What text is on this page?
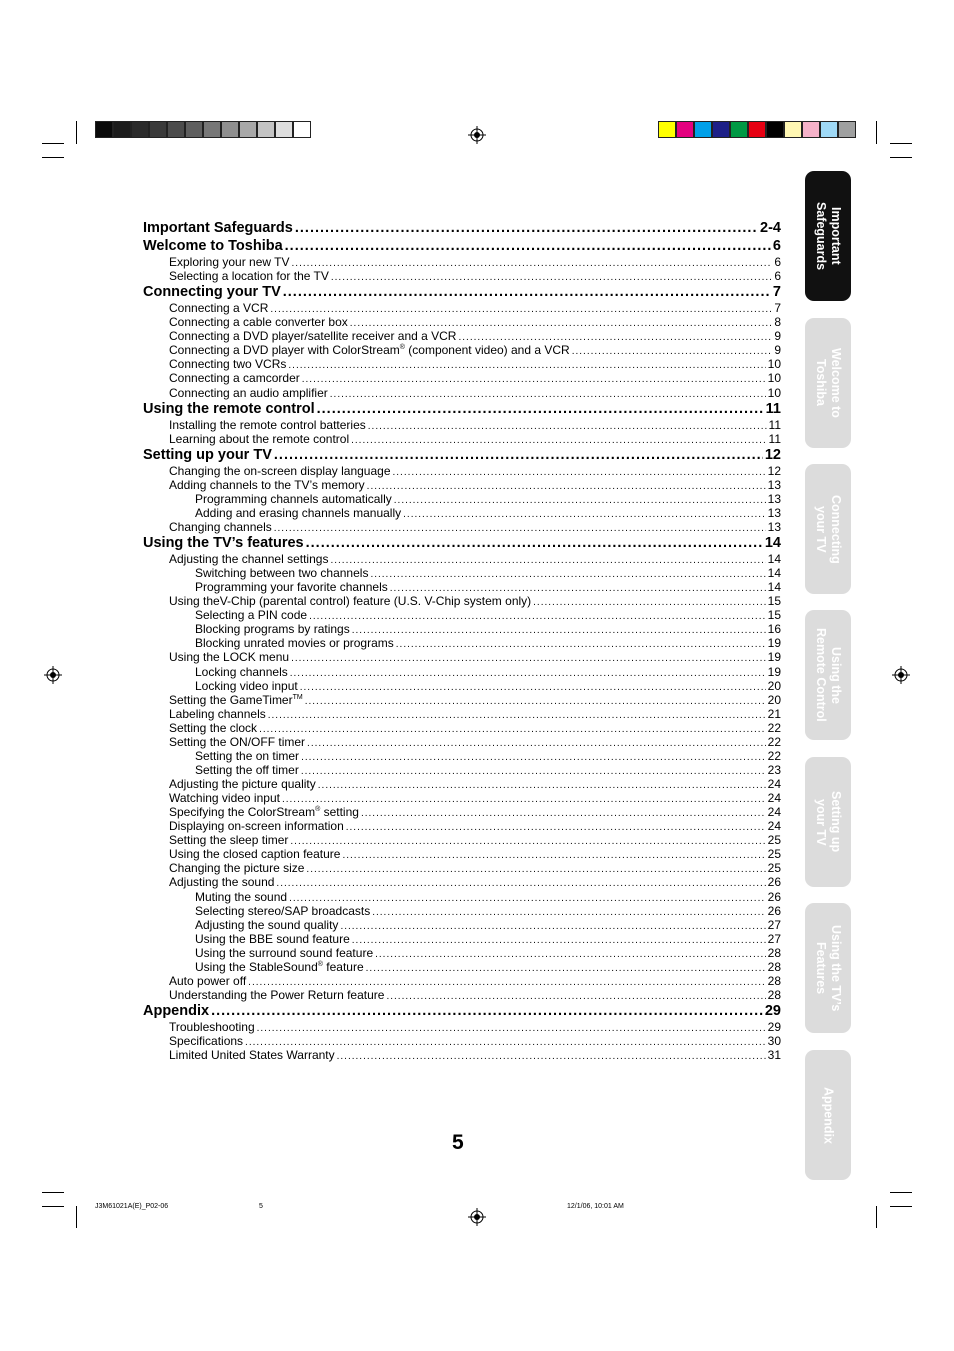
Important Safeguards .....	2-4
Welcome to Toshiba .....	6
Exploring your new TV .....	6
Selecting a location for the TV .....	6
Connecting your TV .....	7
Connecting a VCR .....	7
Connecting a cable converter box .....	8
Connecting a DVD player/satellite receiver and a VCR .....	9
Connecting a DVD player with ColorStream® (component video) and a VCR .....	9
Connecting two VCRs .....	10
Connecting a camcorder .....	10
Connecting an audio amplifier .....	10
Using the remote control .....	11
Installing the remote control batteries .....	11
Learning about the remote control .....	11
Setting up your TV .....	12
Changing the on-screen display language .....	12
Adding channels to the TV’s memory .....	13
Programming channels automatically .....	13
Adding and erasing channels manually .....	13
Changing channels .....	13
Using the TV’s features .....	14
Adjusting the channel settings .....	14
Switching between two channels .....	14
Programming your favorite channels .....	14
Using theV-Chip (parental control) feature (U.S. V-Chip system only) .....	15
Selecting a PIN code .....	15
Blocking programs by ratings .....	16
Blocking unrated movies or programs .....	19
Using the LOCK menu .....	19
Locking channels .....	19
Locking video input .....	20
Setting the GameTimer™ .....	20
Labeling channels .....	21
Setting the clock .....	22
Setting the ON/OFF timer .....	22
Setting the on timer .....	22
Setting the off timer .....	23
Adjusting the picture quality .....	24
Watching video input .....	24
Specifying the ColorStream® setting .....	24
Displaying on-screen information .....	24
Setting the sleep timer .....	25
Using the closed caption feature .....	25
Changing the picture size .....	25
Adjusting the sound .....	26
Muting the sound .....	26
Selecting stereo/SAP broadcasts .....	26
Adjusting the sound quality .....	27
Using the BBE sound feature .....	27
Using the surround sound feature .....	28
Using the StableSound® feature .....	28
Auto power off .....	28
Understanding the Power Return feature .....	28
Appendix .....	29
Troubleshooting .....	29
Specifications .....	30
Limited United States Warranty .....	31
Important
Safeguards
Welcome to
Toshiba
Connecting
your TV
Using the
Remote Control
Setting up
your TV
Using the TV’s
Features
Appendix
5
J3M61021A(E)_P02-06	5	12/1/06, 10:01 AM
